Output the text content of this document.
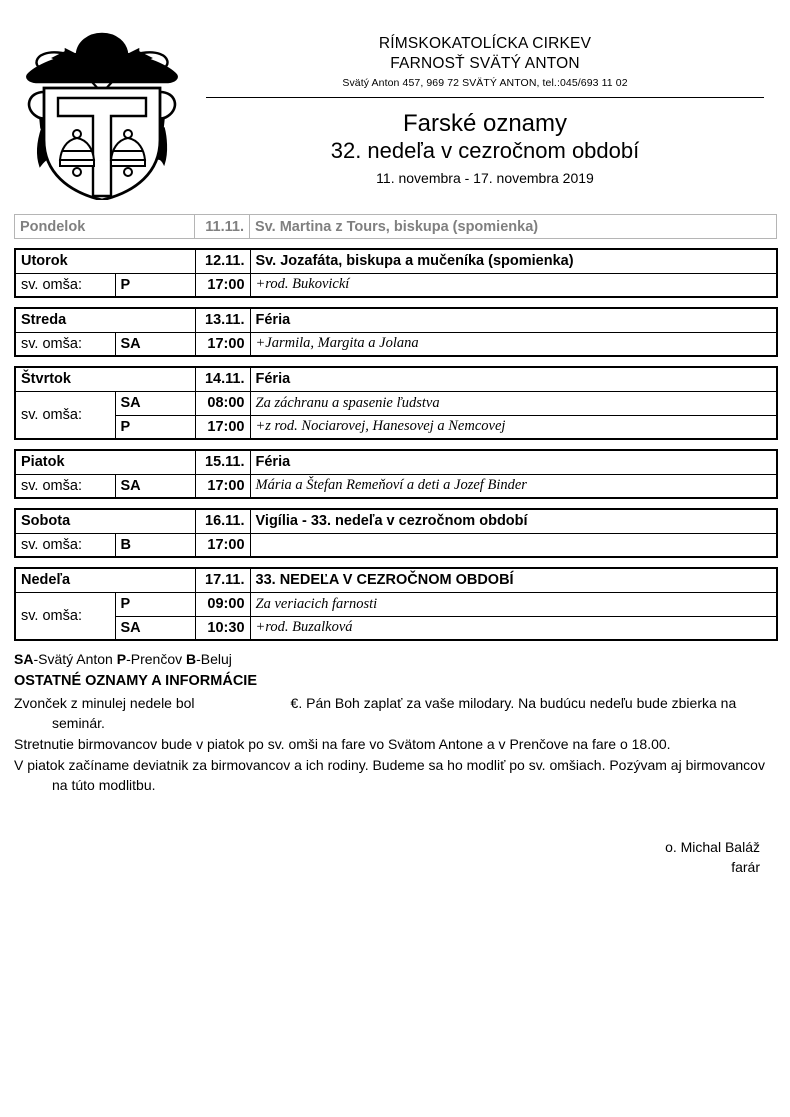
RÍMSKOKATOLÍCKA CIRKEV
FARNOSŤ SVÄTÝ ANTON
Svätý Anton 457, 969 72 SVÄTÝ ANTON, tel.:045/693 11 02
Farské oznamy
32. nedeľa v cezročnom období
11. novembra - 17. novembra 2019
Pondelok	11.11.	Sv. Martina z Tours, biskupa (spomienka)
Utorok		12.11.	Sv. Jozafáta, biskupa a mučeníka (spomienka)
sv. omša:	P	17:00	+rod. Bukovickí
Streda		13.11.	Féria
sv. omša:	SA	17:00	+Jarmila, Margita a Jolana
Štvrtok		14.11.	Féria
sv. omša:	SA	08:00	Za záchranu a spasenie ľudstva
	P	17:00	+z rod. Nociarovej, Hanesovej a Nemcovej
Piatok		15.11.	Féria
sv. omša:	SA	17:00	Mária a Štefan Remeňoví a deti a Jozef Binder
Sobota		16.11.	Vigília - 33. nedeľa v cezročnom období
sv. omša:	B	17:00	
Nedeľa		17.11.	33. NEDEĽA V CEZROČNOM OBDOBÍ
sv. omša:	P	09:00	Za veriacich farnosti
	SA	10:30	+rod. Buzalková
SA-Svätý Anton P-Prenčov B-Beluj
OSTATNÉ OZNAMY A INFORMÁCIE
Zvonček z minulej nedele bol	€. Pán Boh zaplať za vaše milodary. Na budúcu nedeľu bude zbierka na seminár.
Stretnutie birmovancov bude v piatok po sv. omši na fare vo Svätom Antone a v Prenčove na fare o 18.00.
V piatok začíname deviatnik za birmovancov a ich rodiny. Budeme sa ho modliť po sv. omšiach. Pozývam aj birmovancov na túto modlitbu.
o. Michal Baláž
farár
